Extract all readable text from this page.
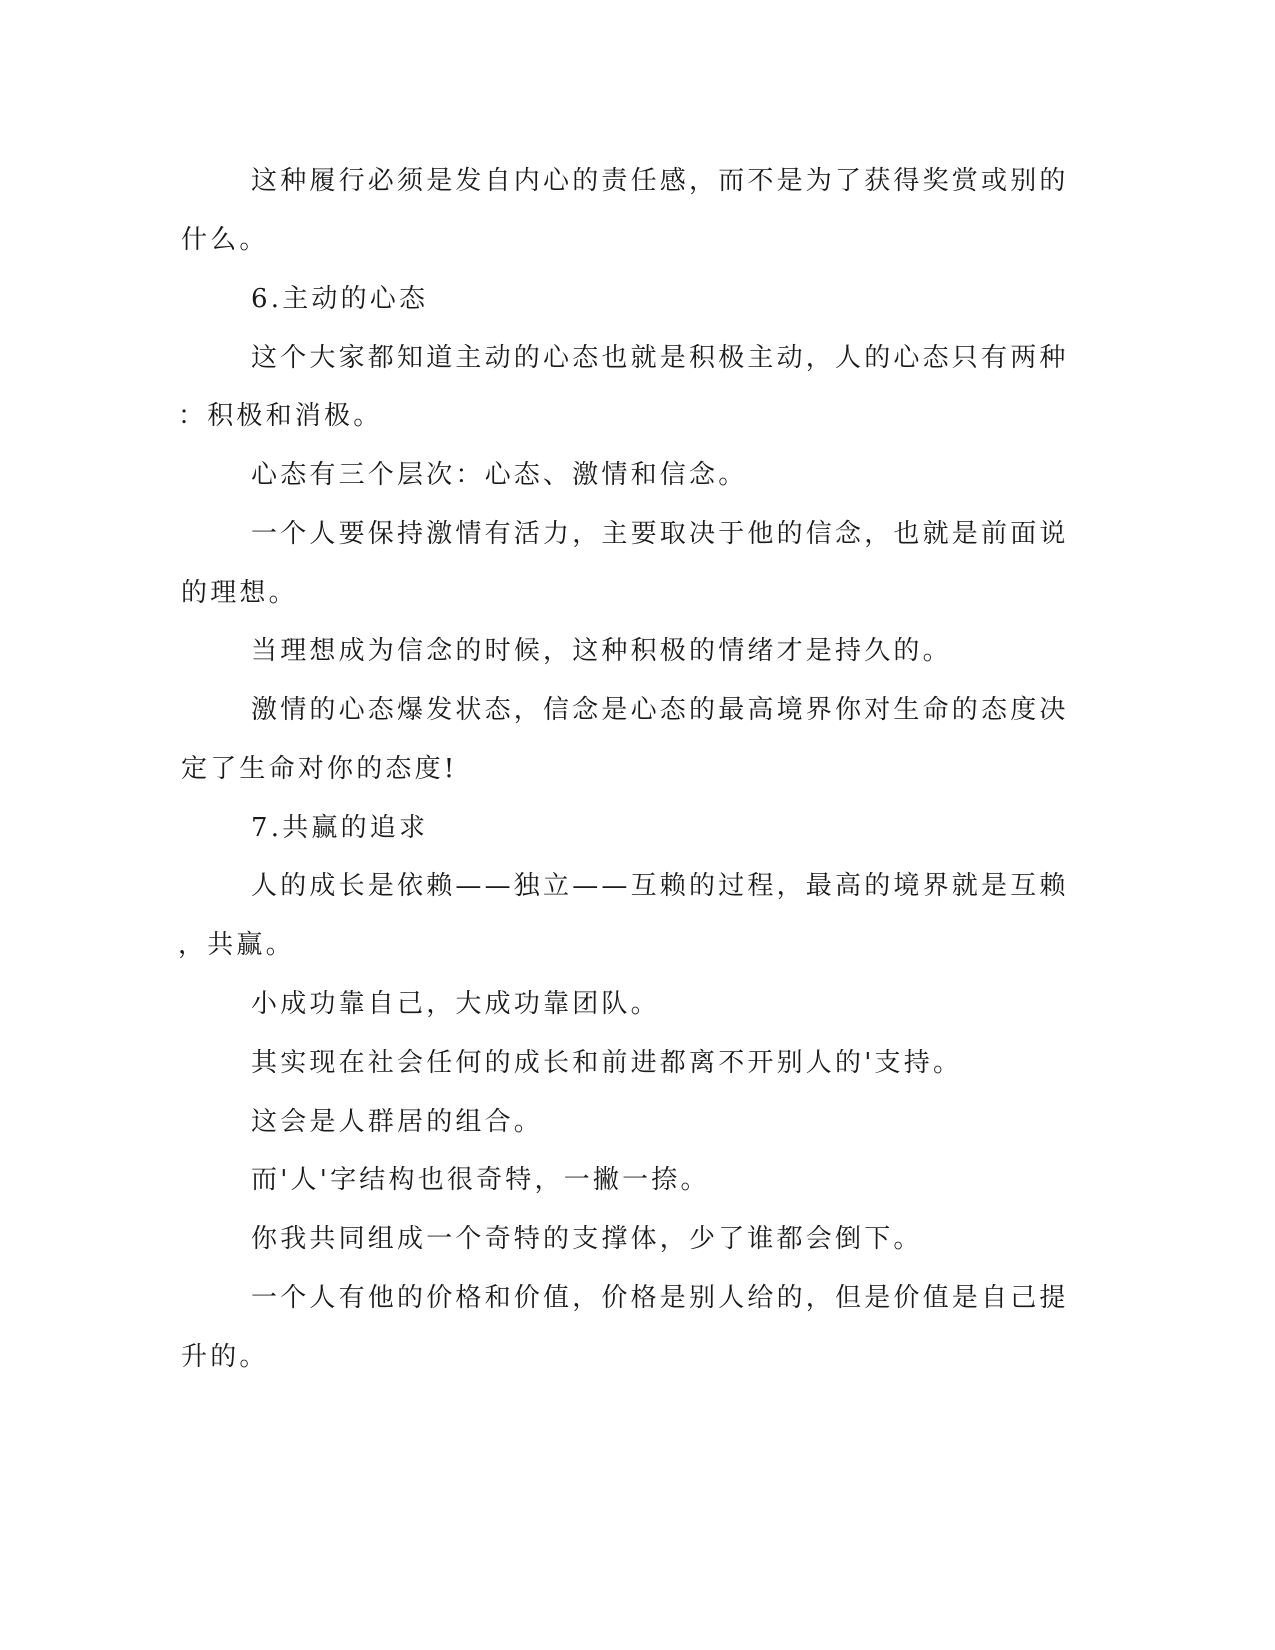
这种履行必须是发自内心的责任感，而不是为了获得奖赏或别的
什么。
6.主动的心态
这个大家都知道主动的心态也就是积极主动，人的心态只有两种
：积极和消极。
心态有三个层次：心态、激情和信念。
一个人要保持激情有活力，主要取决于他的信念，也就是前面说
的理想。
当理想成为信念的时候，这种积极的情绪才是持久的。
激情的心态爆发状态，信念是心态的最高境界你对生命的态度决
定了生命对你的态度!
7.共赢的追求
人的成长是依赖——独立——互赖的过程，最高的境界就是互赖
，共赢。
小成功靠自己，大成功靠团队。
其实现在社会任何的成长和前进都离不开别人的'支持。
这会是人群居的组合。
而'人'字结构也很奇特，一撇一捺。
你我共同组成一个奇特的支撑体，少了谁都会倒下。
一个人有他的价格和价值，价格是别人给的，但是价值是自己提
升的。
